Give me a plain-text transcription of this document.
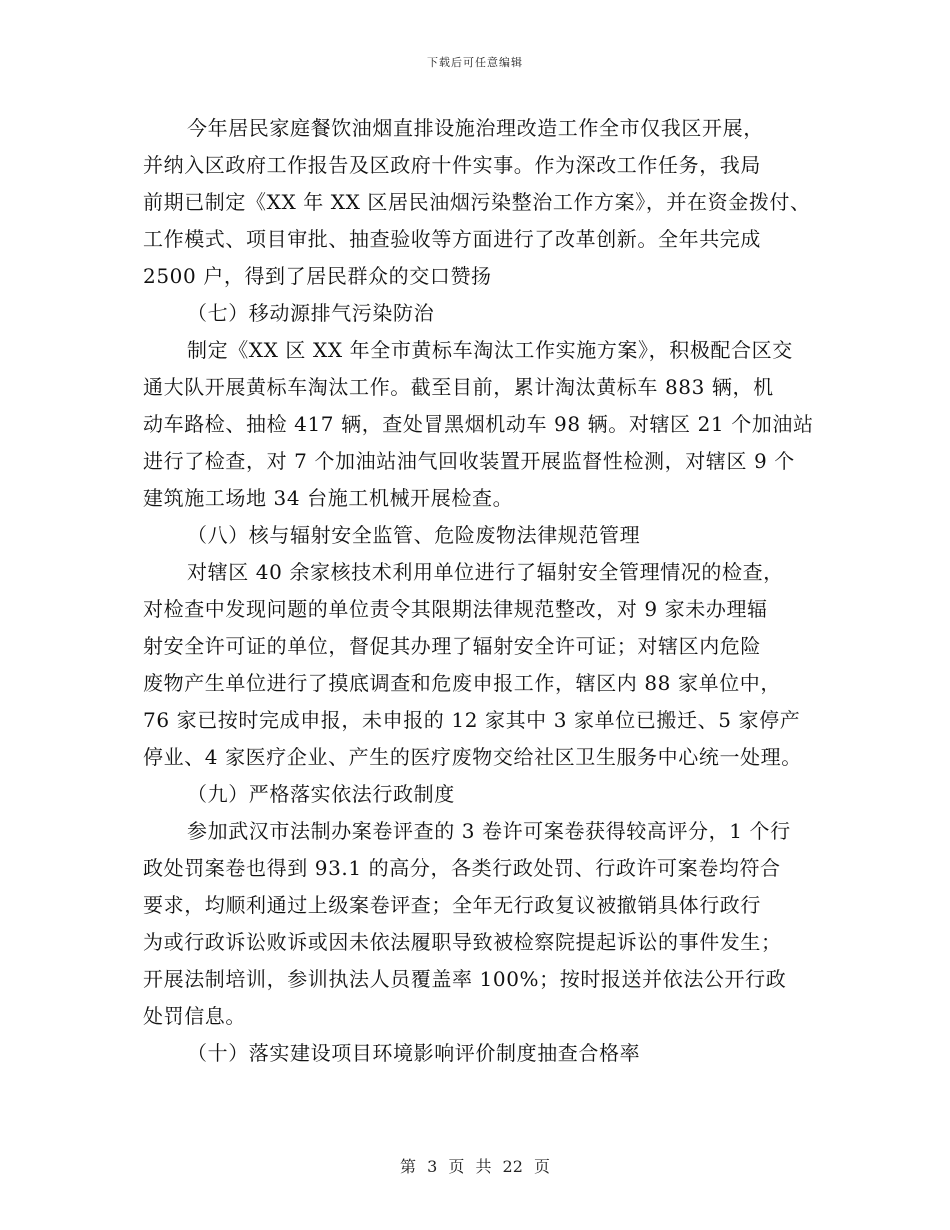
下载后可任意编辑
今年居民家庭餐饮油烟直排设施治理改造工作全市仅我区开展，
并纳入区政府工作报告及区政府十件实事。作为深改工作任务，我局
前期已制定《XX 年 XX 区居民油烟污染整治工作方案》，并在资金拨付、
工作模式、项目审批、抽查验收等方面进行了改革创新。全年共完成
2500 户，得到了居民群众的交口赞扬
（七）移动源排气污染防治
制定《XX 区 XX 年全市黄标车淘汰工作实施方案》，积极配合区交
通大队开展黄标车淘汰工作。截至目前，累计淘汰黄标车 883 辆，机
动车路检、抽检 417 辆，查处冒黑烟机动车 98 辆。对辖区 21 个加油站
进行了检查，对 7 个加油站油气回收装置开展监督性检测，对辖区 9 个
建筑施工场地 34 台施工机械开展检查。
（八）核与辐射安全监管、危险废物法律规范管理
对辖区 40 余家核技术利用单位进行了辐射安全管理情况的检查，
对检查中发现问题的单位责令其限期法律规范整改，对 9 家未办理辐
射安全许可证的单位，督促其办理了辐射安全许可证；对辖区内危险
废物产生单位进行了摸底调查和危废申报工作，辖区内 88 家单位中，
76 家已按时完成申报，未申报的 12 家其中 3 家单位已搬迁、5 家停产
停业、4 家医疗企业、产生的医疗废物交给社区卫生服务中心统一处理。
（九）严格落实依法行政制度
参加武汉市法制办案卷评查的 3 卷许可案卷获得较高评分，1 个行
政处罚案卷也得到 93.1 的高分，各类行政处罚、行政许可案卷均符合
要求，均顺利通过上级案卷评查；全年无行政复议被撤销具体行政行
为或行政诉讼败诉或因未依法履职导致被检察院提起诉讼的事件发生；
开展法制培训，参训执法人员覆盖率 100%；按时报送并依法公开行政
处罚信息。
（十）落实建设项目环境影响评价制度抽查合格率
第 3 页 共 22 页
